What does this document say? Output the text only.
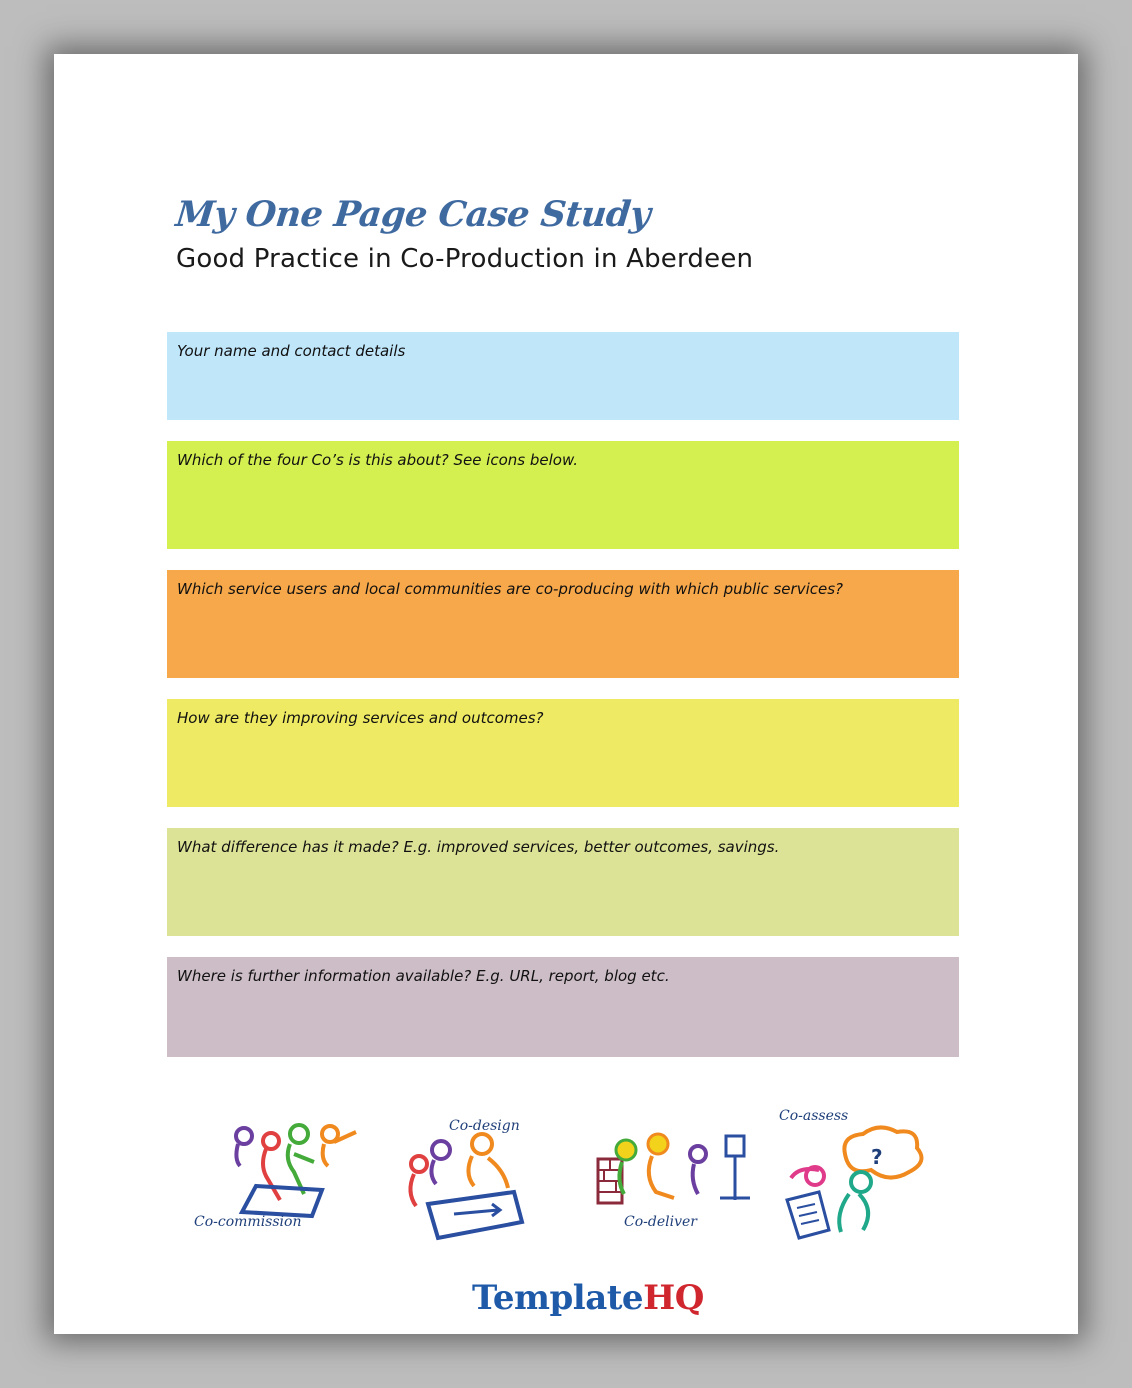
My One Page Case Study
Good Practice in Co-Production in Aberdeen
Your name and contact details
Which of the four Co’s is this about? See icons below.
Which service users and local communities are co-producing with which public services?
How are they improving services and outcomes?
What difference has it made? E.g. improved services, better outcomes, savings.
Where is further information available? E.g. URL, report, blog etc.
Co-commission
Co-design
Co-deliver
Co-assess
?
TemplateHQ
